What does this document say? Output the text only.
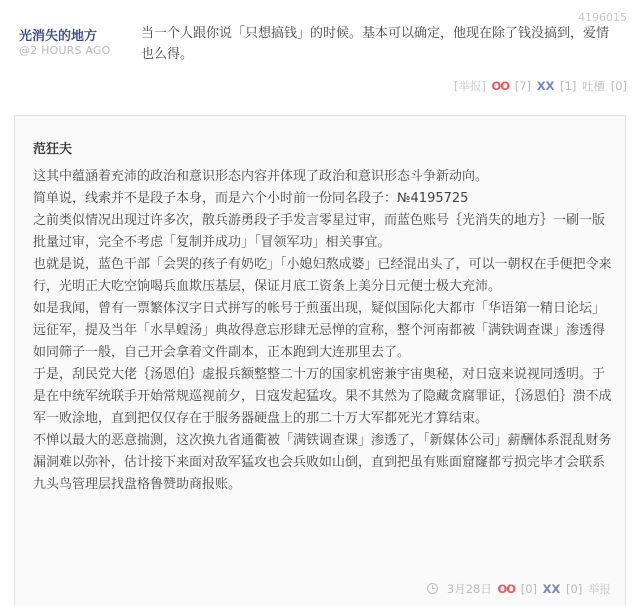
4196015
光消失的地方
@2 HOURS AGO
当一个人跟你说「只想搞钱」的时候。基本可以确定，他现在除了钱没搞到，爱情也么得。
[举报] OO [7] XX [1] 吐槽 [0]
范狂夫

这其中蕴涵着充沛的政治和意识形态内容并体现了政治和意识形态斗争新动向。

简单说，线索并不是段子本身，而是六个小时前一份同名段子：№4195725

之前类似情况出现过许多次，散兵游勇段子手发言零星过审，而蓝色账号｛光消失的地方｝一刷一版批量过审，完全不考虑「复制并成功」「冒领军功」相关事宜。

也就是说，蓝色干部「会哭的孩子有奶吃」「小媳妇熬成婆」已经混出头了，可以一朝权在手便把令来行，光明正大吃空饷喝兵血欺压基层，保证月底工资条上美分日元便士极大充沛。

如是我闻，曾有一票繁体汉字日式拼写的帐号于煎蛋出现，疑似国际化大都市「华语第一精日论坛」远征军，提及当年「水旱蝗汤」典故得意忘形肆无忌惮的宣称，整个河南都被「满铁调查课」渗透得如同筛子一般，自己开会拿着文件副本，正本跑到大连那里去了。

于是，刮民党大佬｛汤恩伯｝虚报兵额整整二十万的国家机密兼宇宙奥秘，对日寇来说视同透明。于是在中统军统联手开始常规巡视前夕，日寇发起猛攻。果不其然为了隐藏贪腐罪证，｛汤恩伯｝溃不成军一败涂地，直到把仅仅存在于服务器硬盘上的那二十万大军都死光才算结束。

不惮以最大的恶意揣测，这次换九省通衢被「满铁调查课」渗透了，「新媒体公司」薪酬体系混乱财务漏洞难以弥补，估计接下来面对敌军猛攻也会兵败如山倒，直到把虽有账面窟窿都亏损完毕才会联系九头鸟管理层找盘格鲁赞助商报账。

3月28日 OO [0] XX [0] 举报
